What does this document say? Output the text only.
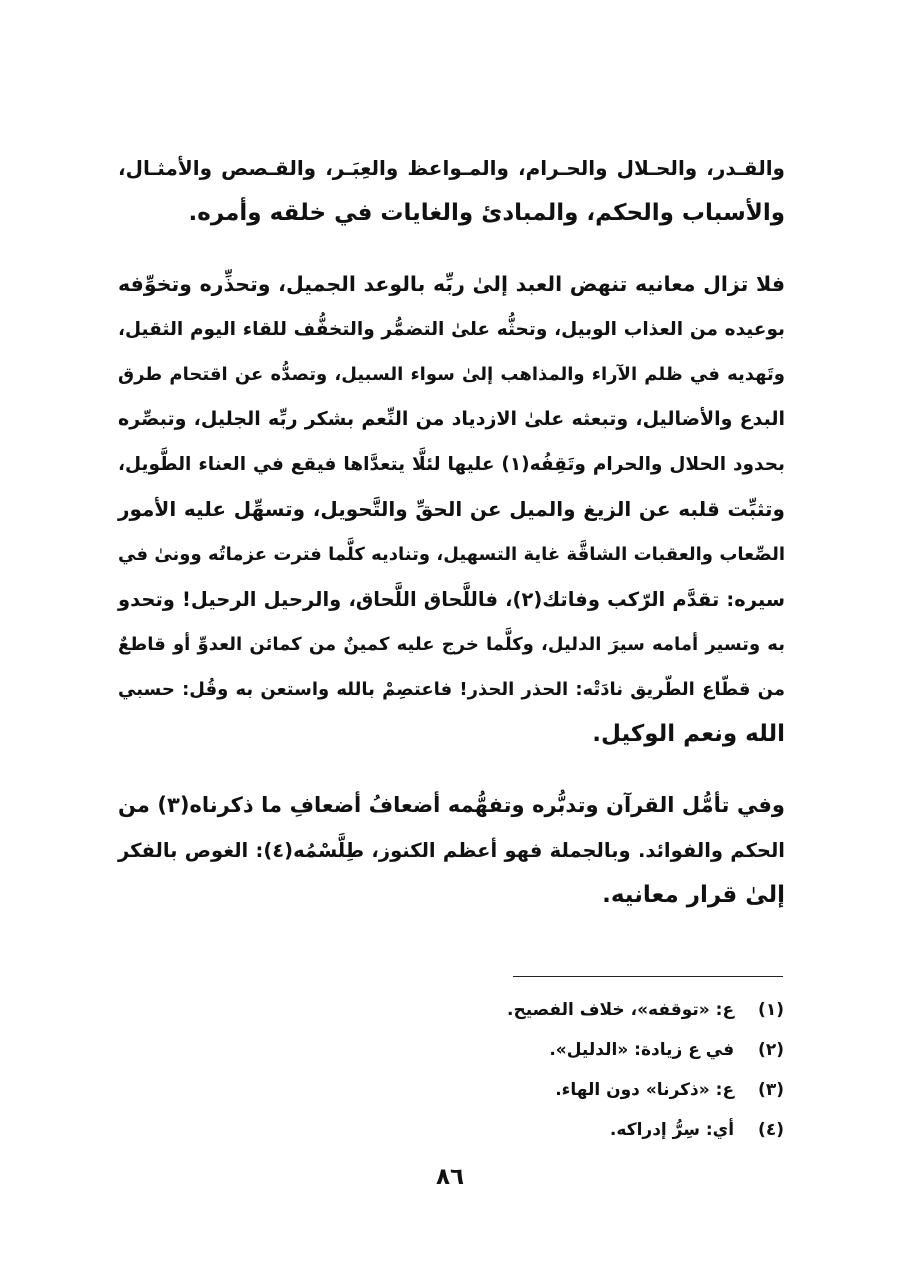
والقـدر، والحـلال والحـرام، والمـواعظ والعِبَـر، والقـصص والأمثـال،
والأسباب والحكم، والمبادئ والغايات في خلقه وأمره.
فلا تزال معانيه تنهض العبد إلىٰ ربِّه بالوعد الجميل، وتحذِّره وتخوِّفه
بوعيده من العذاب الوبيل، وتحثُّه علىٰ التضمُّر والتخفُّف للقاء اليوم الثقيل،
وتَهديه في ظلم الآراء والمذاهب إلىٰ سواء السبيل، وتصدُّه عن اقتحام طرق
البدع والأضاليل، وتبعثه علىٰ الازدياد من النِّعم بشكر ربِّه الجليل، وتبصِّره
بحدود الحلال والحرام وتَقِفُه(١) عليها لئلَّا يتعدَّاها فيقع في العناء الطَّويل،
وتثبِّت قلبه عن الزيغ والميل عن الحقِّ والتَّحويل، وتسهِّل عليه الأمور
الصِّعاب والعقبات الشاقَّة غاية التسهيل، وتناديه كلَّما فترت عزماتُه وونىٰ في
سيره: تقدَّم الرّكب وفاتك(٢)، فاللَّحاق اللَّحاق، والرحيل الرحيل! وتحدو
به وتسير أمامه سيرَ الدليل، وكلَّما خرج عليه كمينٌ من كمائن العدوِّ أو قاطعٌ
من قطّاع الطّريق نادَتْه: الحذر الحذر! فاعتصِمْ بالله واستعن به وقُل: حسبي
الله ونعم الوكيل.
وفي تأمُّل القرآن وتدبُّره وتفهُّمه أضعافُ أضعافِ ما ذكرناه(٣) من
الحكم والفوائد. وبالجملة فهو أعظم الكنوز، طِلَّسْمُه(٤): الغوص بالفكر
إلىٰ قرار معانيه.
(١) ع: «توقفه»، خلاف الفصيح.
(٢) في ع زيادة: «الدليل».
(٣) ع: «ذكرنا» دون الهاء.
(٤) أي: سِرُّ إدراكه.
٨٦
